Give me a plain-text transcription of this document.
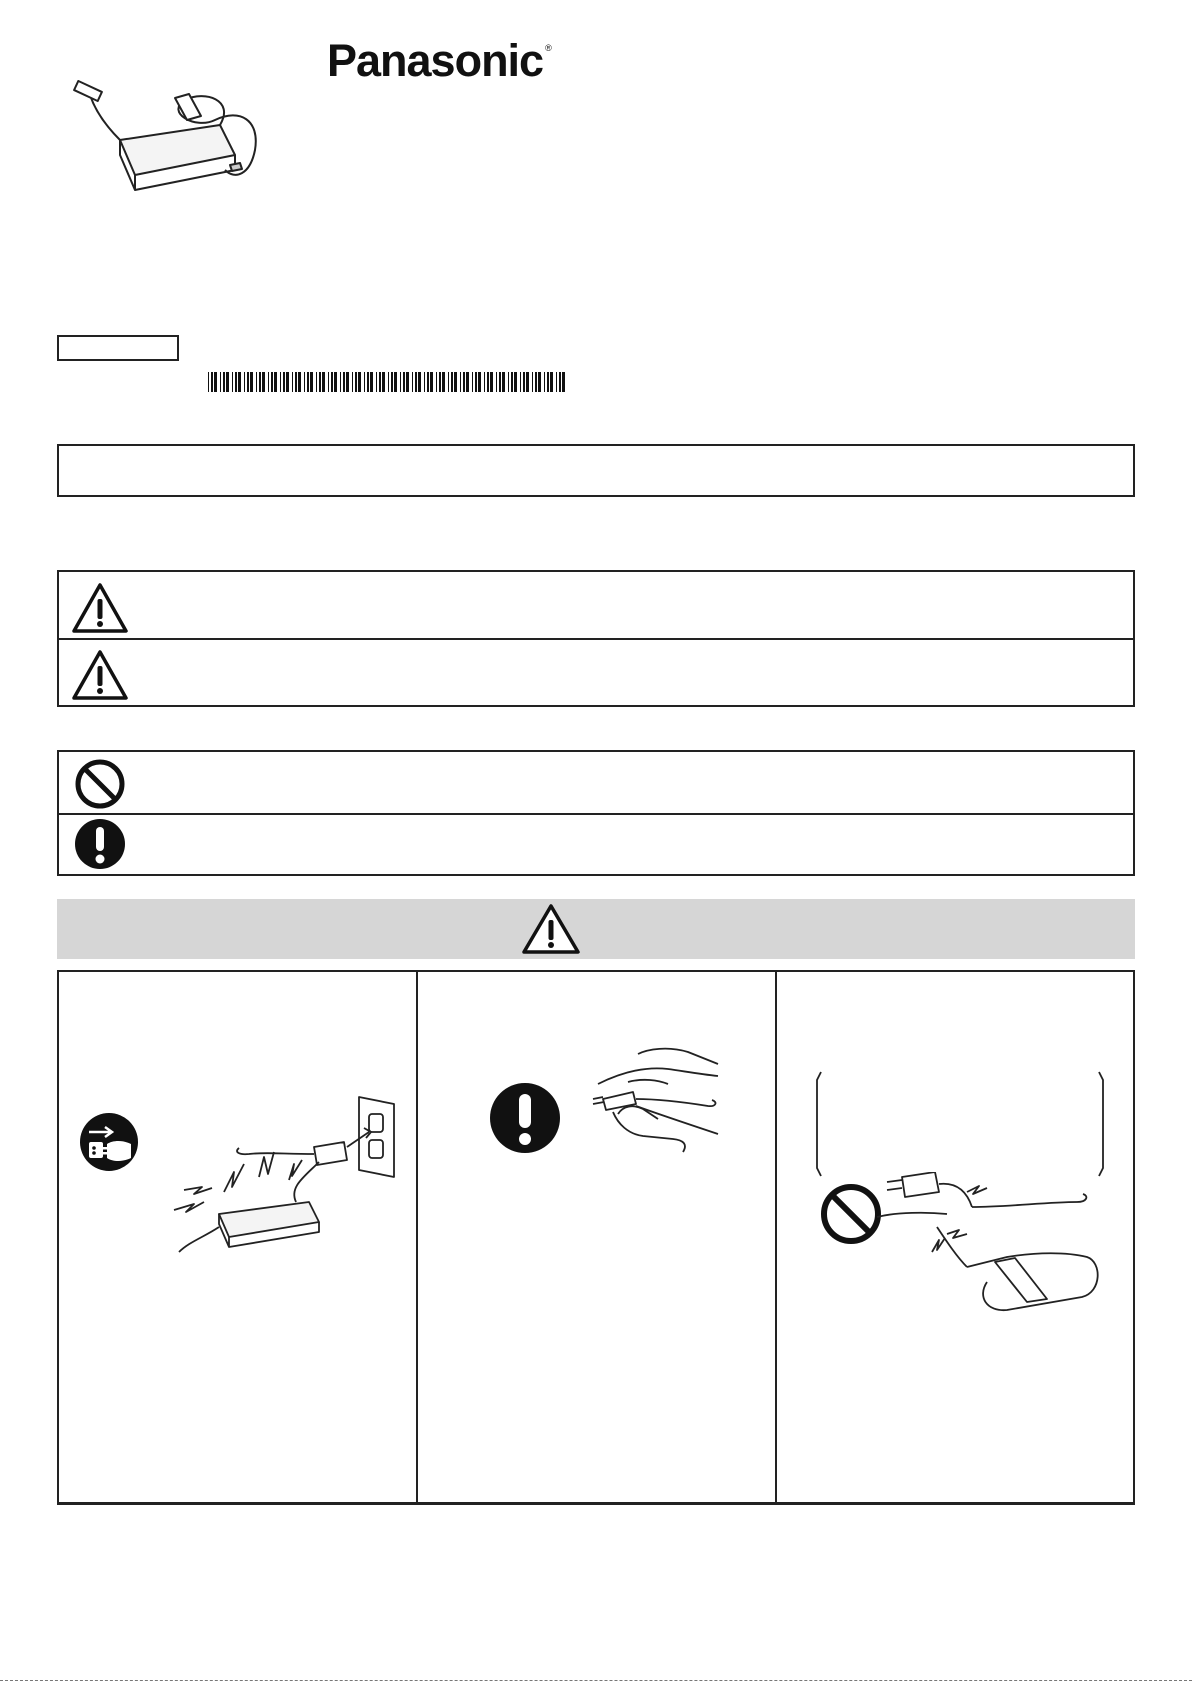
Panasonic ®
